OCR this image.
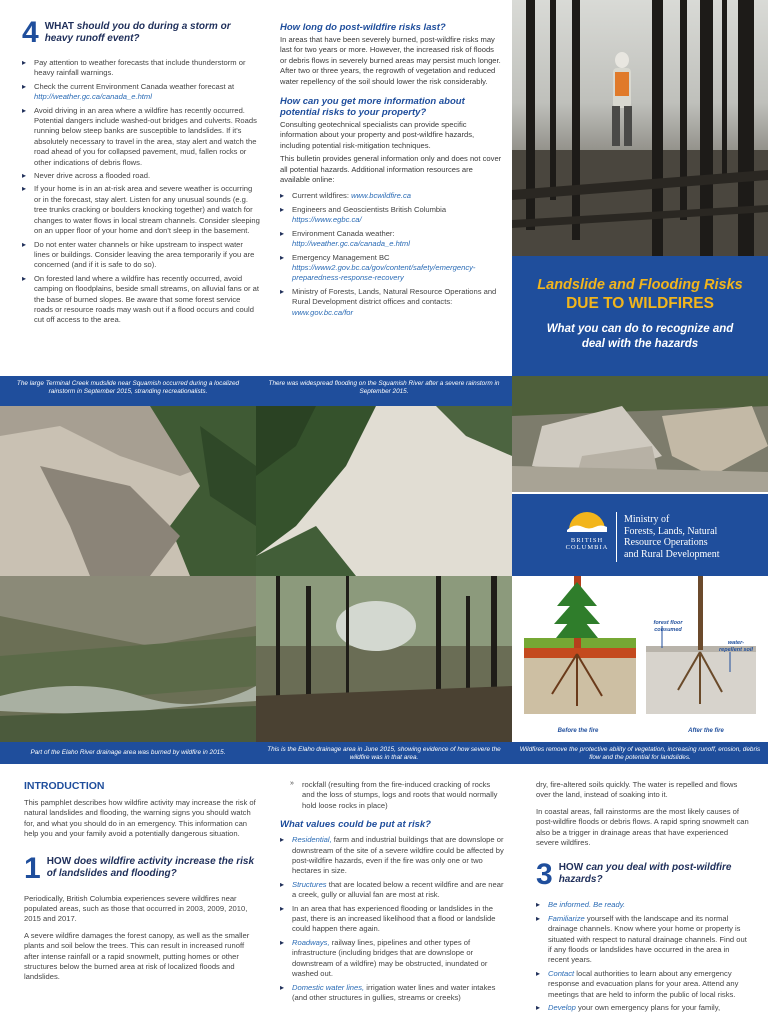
4 WHAT should you do during a storm or heavy runoff event?
▸ Pay attention to weather forecasts that include thunderstorm or heavy rainfall warnings.
▸ Check the current Environment Canada weather forecast at
http://weather.gc.ca/canada_e.html
▸ Avoid driving in an area where a wildfire has recently occurred. Potential dangers include washed-out bridges and culverts. Roads running below steep banks are susceptible to landslides. If it's absolutely necessary to travel in the area, stay alert and watch the road ahead of you for collapsed pavement, mud, fallen rocks or other indications of debris flows.
▸ Never drive across a flooded road.
▸ If your home is in an at-risk area and severe weather is occurring or in the forecast, stay alert. Listen for any unusual sounds (e.g. tree trunks cracking or boulders knocking together) and watch for changes to water flows in local stream channels. Consider sleeping on an upper floor of your home and don't sleep in the basement.
▸ Do not enter water channels or hike upstream to inspect water lines or buildings. Consider leaving the area temporarily if you are concerned (and if it is safe to do so).
▸ On forested land where a wildfire has recently occurred, avoid camping on floodplains, beside small streams, on alluvial fans or at the base of burned slopes. Be aware that some forest service roads or resource roads may wash out if a flood occurs and could cut off access to the area.
How long do post-wildfire risks last?

In areas that have been severely burned, post-wildfire risks may last for two years or more. However, the increased risk of floods or debris flows in severely burned areas may persist much longer.

After two or three years, the regrowth of vegetation and reduced water repellency of the soil should lower the risk considerably.

How can you get more information about potential risks to your property?

Consulting geotechnical specialists can provide specific information about your property and post-wildfire hazards, including potential risk-mitigation techniques.

This bulletin provides general information only and does not cover all potential hazards. Additional information resources are available online:

▸ Current wildfires: www.bcwildfire.ca
▸ Engineers and Geoscientists British Columbia
https://www.egbc.ca/
▸ Environment Canada weather:
http://weather.gc.ca/canada_e.html
▸ Emergency Management BC
https://www2.gov.bc.ca/gov/content/safety/emergency-preparedness-response-recovery
▸ Ministry of Forests, Lands, Natural Resource Operations and Rural Development district offices and contacts:
www.gov.bc.ca/for
Landslide and Flooding Risks
DUE TO WILDFIRES
What you can do to recognize and deal with the hazards
The large Terminal Creek mudslide near Squamish occurred during a localized rainstorm in September 2015, stranding recreationalists.
There was widespread flooding on the Squamish River after a severe rainstorm in September 2015.
BRITISH
COLUMBIA
Ministry of
Forests, Lands, Natural
Resource Operations
and Rural Development
forest floor consumed
water-repellent soil
Before the fire	After the fire
Part of the Elaho River drainage area was burned by wildfire in 2015.	This is the Elaho drainage area in June 2015, showing evidence of how severe the wildfire was in that area.
Wildfires remove the protective ability of vegetation, increasing runoff, erosion, debris flow and the potential for landslides.
INTRODUCTION

This pamphlet describes how wildfire activity may increase the risk of natural landslides and flooding, the warning signs you should watch for, and what you should do in an emergency. This information can help you and your family avoid a potentially dangerous situation.

1 HOW does wildfire activity increase the risk of landslides and flooding?

Periodically, British Columbia experiences severe wildfires near populated areas, such as those that occurred in 2003, 2009, 2010, 2015 and 2017.

A severe wildfire damages the forest canopy, as well as the smaller plants and soil below the trees. This can result in increased runoff after intense rainfall or a rapid snowmelt, putting homes or other structures below the burned area at risk of localized floods and landslides.

» rockfall (resulting from the fire-induced cracking of rocks and the loss of stumps, logs and roots that would normally hold loose rocks in place)

What values could be put at risk?
▸ Residential, farm and industrial buildings that are downslope or downstream of the site of a severe wildfire could be affected by post-wildfire hazards, even if the fire was only one or two hectares in size.
▸ Structures that are located below a recent wildfire and are near a creek, gully or alluvial fan are most at risk.
▸ In an area that has experienced flooding or landslides in the past, there is an increased likelihood that a flood or landslide could happen there again.
▸ Roadways, railway lines, pipelines and other types of infrastructure (including bridges that are downslope or downstream of a wildfire) may be obstructed, inundated or washed out.
▸ Domestic water lines, irrigation water lines and water intakes (and other structures in gullies, streams or creeks)

dry, fire-altered soils quickly. The water is repelled and flows over the land, instead of soaking into it.

In coastal areas, fall rainstorms are the most likely causes of post-wildfire floods or debris flows. A rapid spring snowmelt can also be a trigger in drainage areas that have experienced severe wildfires.

3 HOW can you deal with post-wildfire hazards?
▸ Be informed. Be ready.
▸ Familiarize yourself with the landscape and its normal drainage channels. Know where your home or property is situated with respect to natural drainage channels. Find out if any floods or landslides have occurred in the area in recent years.
▸ Contact local authorities to learn about any emergency response and evacuation plans for your area. Attend any meetings that are held to inform the public of local risks.
▸ Develop your own emergency plans for your family,
